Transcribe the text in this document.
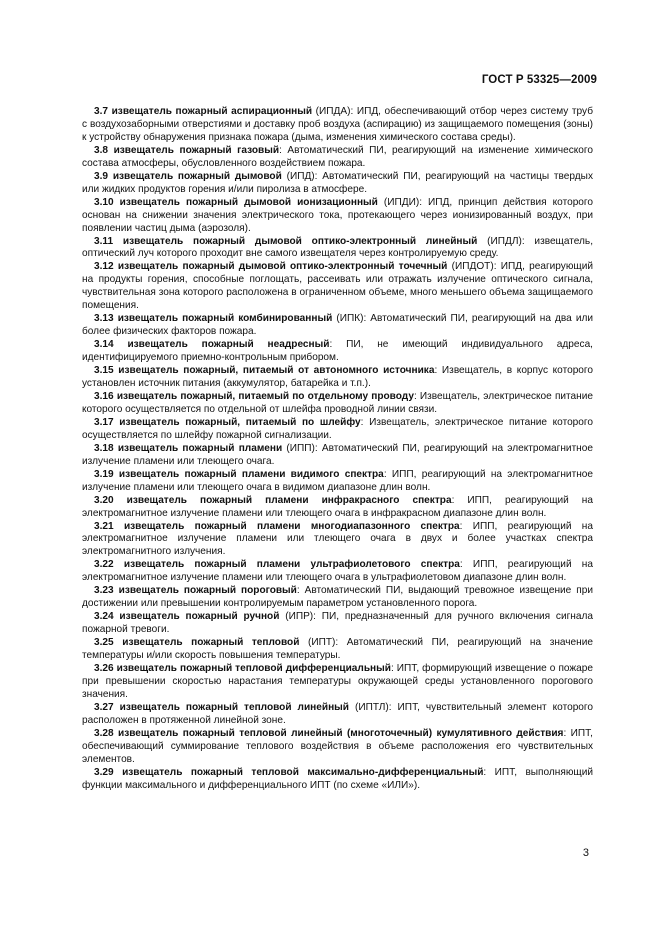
ГОСТ Р 53325—2009

3.7 извещатель пожарный аспирационный (ИПДА): ИПД, обеспечивающий отбор через систему труб с воздухозаборными отверстиями и доставку проб воздуха (аспирацию) из защищаемого помещения (зоны) к устройству обнаружения признака пожара (дыма, изменения химического состава среды).

3.8 извещатель пожарный газовый: Автоматический ПИ, реагирующий на изменение химического состава атмосферы, обусловленного воздействием пожара.

3.9 извещатель пожарный дымовой (ИПД): Автоматический ПИ, реагирующий на частицы твердых или жидких продуктов горения и/или пиролиза в атмосфере.

3.10 извещатель пожарный дымовой ионизационный (ИПДИ): ИПД, принцип действия которого основан на снижении значения электрического тока, протекающего через ионизированный воздух, при появлении частиц дыма (аэрозоля).

3.11 извещатель пожарный дымовой оптико-электронный линейный (ИПДЛ): извещатель, оптический луч которого проходит вне самого извещателя через контролируемую среду.

3.12 извещатель пожарный дымовой оптико-электронный точечный (ИПДОТ): ИПД, реагирующий на продукты горения, способные поглощать, рассеивать или отражать излучение оптического сигнала, чувствительная зона которого расположена в ограниченном объеме, много меньшего объема защищаемого помещения.

3.13 извещатель пожарный комбинированный (ИПК): Автоматический ПИ, реагирующий на два или более физических факторов пожара.

3.14 извещатель пожарный неадресный: ПИ, не имеющий индивидуального адреса, идентифицируемого приемно-контрольным прибором.

3.15 извещатель пожарный, питаемый от автономного источника: Извещатель, в корпус которого установлен источник питания (аккумулятор, батарейка и т.п.).

3.16 извещатель пожарный, питаемый по отдельному проводу: Извещатель, электрическое питание которого осуществляется по отдельной от шлейфа проводной линии связи.

3.17 извещатель пожарный, питаемый по шлейфу: Извещатель, электрическое питание которого осуществляется по шлейфу пожарной сигнализации.

3.18 извещатель пожарный пламени (ИПП): Автоматический ПИ, реагирующий на электромагнитное излучение пламени или тлеющего очага.

3.19 извещатель пожарный пламени видимого спектра: ИПП, реагирующий на электромагнитное излучение пламени или тлеющего очага в видимом диапазоне длин волн.

3.20 извещатель пожарный пламени инфракрасного спектра: ИПП, реагирующий на электромагнитное излучение пламени или тлеющего очага в инфракрасном диапазоне длин волн.

3.21 извещатель пожарный пламени многодиапазонного спектра: ИПП, реагирующий на электромагнитное излучение пламени или тлеющего очага в двух и более участках спектра электромагнитного излучения.

3.22 извещатель пожарный пламени ультрафиолетового спектра: ИПП, реагирующий на электромагнитное излучение пламени или тлеющего очага в ультрафиолетовом диапазоне длин волн.

3.23 извещатель пожарный пороговый: Автоматический ПИ, выдающий тревожное извещение при достижении или превышении контролируемым параметром установленного порога.

3.24 извещатель пожарный ручной (ИПР): ПИ, предназначенный для ручного включения сигнала пожарной тревоги.

3.25 извещатель пожарный тепловой (ИПТ): Автоматический ПИ, реагирующий на значение температуры и/или скорость повышения температуры.

3.26 извещатель пожарный тепловой дифференциальный: ИПТ, формирующий извещение о пожаре при превышении скоростью нарастания температуры окружающей среды установленного порогового значения.

3.27 извещатель пожарный тепловой линейный (ИПТЛ): ИПТ, чувствительный элемент которого расположен в протяженной линейной зоне.

3.28 извещатель пожарный тепловой линейный (многоточечный) кумулятивного действия: ИПТ, обеспечивающий суммирование теплового воздействия в объеме расположения его чувствительных элементов.

3.29 извещатель пожарный тепловой максимально-дифференциальный: ИПТ, выполняющий функции максимального и дифференциального ИПТ (по схеме «ИЛИ»).

3
